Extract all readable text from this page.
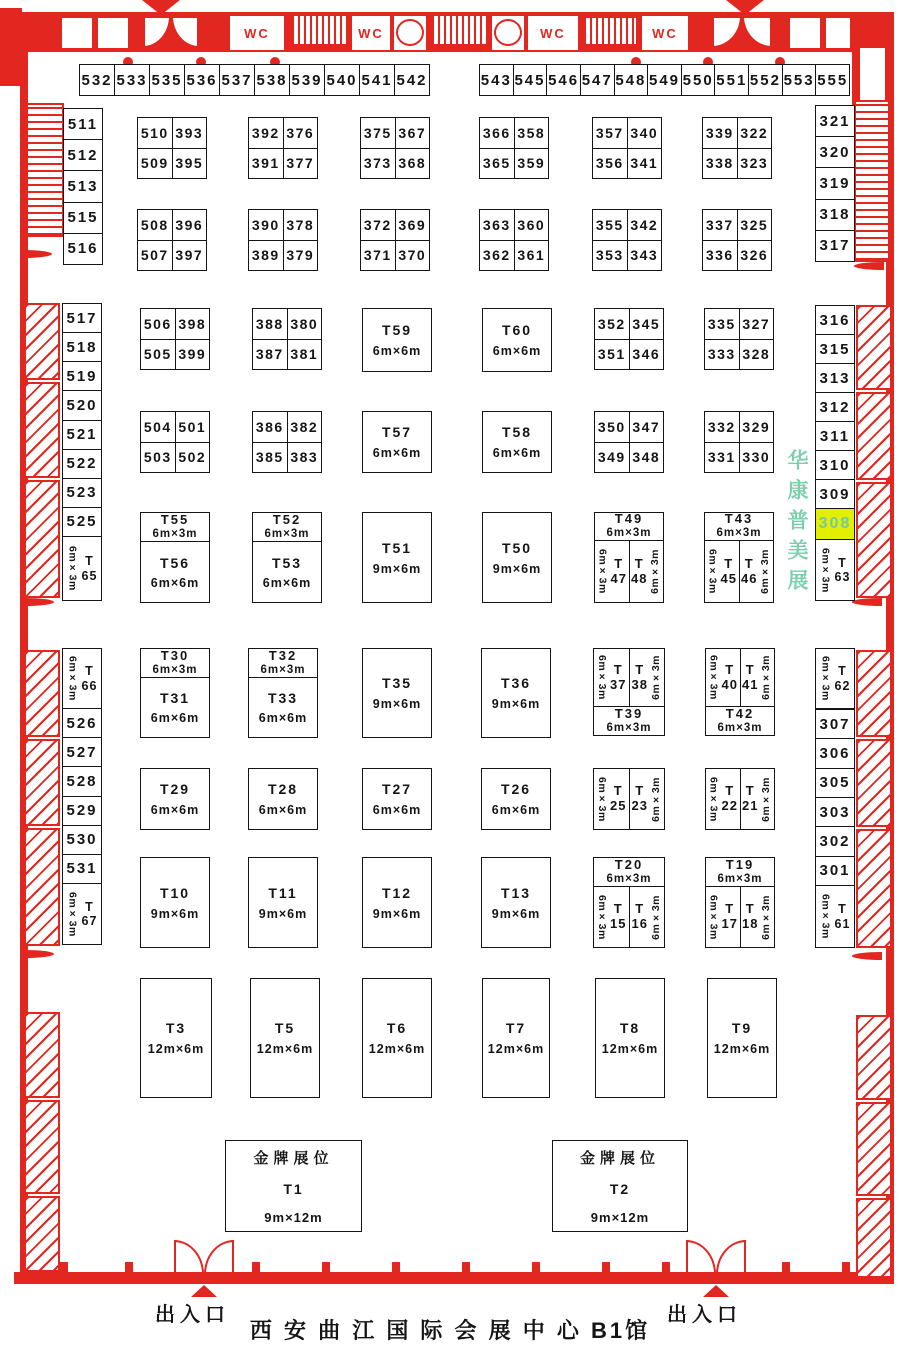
WC	WC	WC	WC
出入口	出入口
532 533 535 536 537 538 539 540 541 542	543 545 546 547 548 549 550 551 552 553 555
511
512
513
515
516
517
518
519
520
521
522
523
525
526
527
528
529
530
531
321
320
319
318
317
316
315
313
312
311
310
309
307
306
305
303
302
301
308
6m×3m T
65
6m×3m T
66
6m×3m T
67
6m×3m T
63
6m×3m T
62
6m×3m T
61
华康普美展
510 393
509 395
392 376
391 377
375 367
373 368
366 358
365 359
357 340
356 341
339 322
338 323
508 396
507 397
390 378
389 379
372 369
371 370
363 360
362 361
355 342
353 343
337 325
336 326
506 398
505 399
388 380
387 381
352 345
351 346
335 327
333 328
504 501
503 502
386 382
385 383
350 347
349 348
332 329
331 330
T59
6m×6m
T60
6m×6m
T57
6m×6m
T58
6m×6m
T51
9m×6m
T50
9m×6m
T35
9m×6m
T36
9m×6m
T29
6m×6m
T28
6m×6m
T27
6m×6m
T26
6m×6m
T10
9m×6m
T11
9m×6m
T12
9m×6m
T13
9m×6m
T3
12m×6m
T5
12m×6m
T6
12m×6m
T7
12m×6m
T8
12m×6m
T9
12m×6m
T55
6m×3m
T56
6m×6m
T52
6m×3m
T53
6m×6m
T30
6m×3m
T31
6m×6m
T32
6m×3m
T33
6m×6m
T49
6m×3m
6m×3m T
47
T
48 6m×3m
T43
6m×3m
6m×3m T
45
T
46 6m×3m
T20
6m×3m
6m×3m T
15
T
16 6m×3m
T19
6m×3m
6m×3m T
17
T
18 6m×3m
6m×3m T
37
T
38 6m×3m
T39
6m×3m
6m×3m T
40
T
41 6m×3m
T42
6m×3m
6m×3m T
25
T
23 6m×3m	6m×3m T
22
T
21 6m×3m
金牌展位
T1
9m×12m
金牌展位
T2
9m×12m
西 安 曲 江 国 际 会 展 中 心 B1馆
